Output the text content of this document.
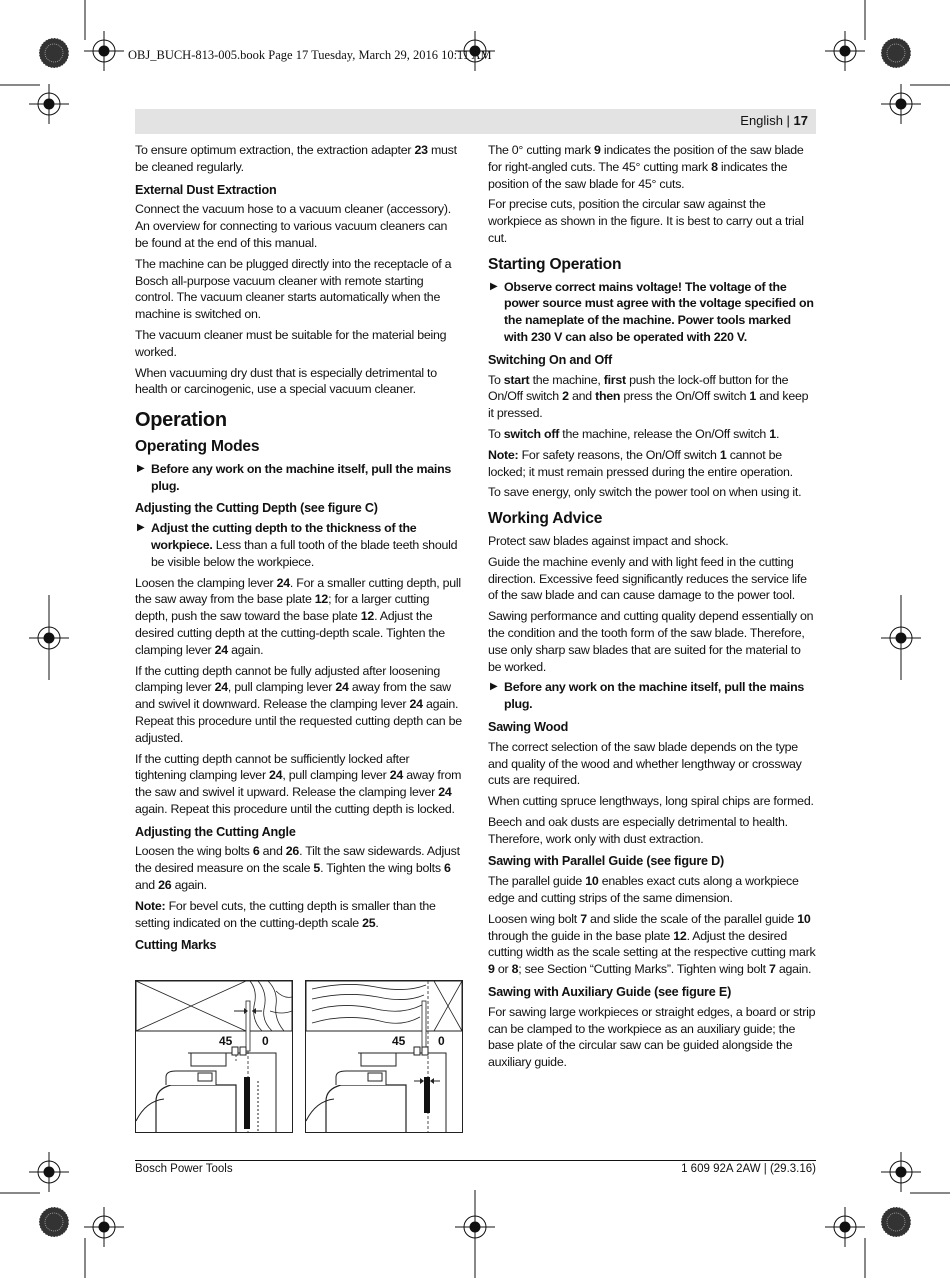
OBJ_BUCH-813-005.book Page 17 Tuesday, March 29, 2016 10:11 AM
English | 17

To ensure optimum extraction, the extraction adapter 23 must be cleaned regularly.

External Dust Extraction

Connect the vacuum hose to a vacuum cleaner (accessory). An overview for connecting to various vacuum cleaners can be found at the end of this manual.

The machine can be plugged directly into the receptacle of a Bosch all-purpose vacuum cleaner with remote starting control. The vacuum cleaner starts automatically when the machine is switched on.

The vacuum cleaner must be suitable for the material being worked.

When vacuuming dry dust that is especially detrimental to health or carcinogenic, use a special vacuum cleaner.

Operation
Operating Modes
▶ Before any work on the machine itself, pull the mains plug.
Adjusting the Cutting Depth (see figure C)
▶ Adjust the cutting depth to the thickness of the workpiece. Less than a full tooth of the blade teeth should be visible below the workpiece.

Loosen the clamping lever 24. For a smaller cutting depth, pull the saw away from the base plate 12; for a larger cutting depth, push the saw toward the base plate 12. Adjust the desired cutting depth at the cutting-depth scale. Tighten the clamping lever 24 again.

If the cutting depth cannot be fully adjusted after loosening clamping lever 24, pull clamping lever 24 away from the saw and swivel it downward. Release the clamping lever 24 again. Repeat this procedure until the requested cutting depth can be adjusted.

If the cutting depth cannot be sufficiently locked after tightening clamping lever 24, pull clamping lever 24 away from the saw and swivel it upward. Release the clamping lever 24 again. Repeat this procedure until the cutting depth is locked.

Adjusting the Cutting Angle

Loosen the wing bolts 6 and 26. Tilt the saw sidewards. Adjust the desired measure on the scale 5. Tighten the wing bolts 6 and 26 again.

Note: For bevel cuts, the cutting depth is smaller than the setting indicated on the cutting-depth scale 25.

Cutting Marks
45 0	45	0

The 0° cutting mark 9 indicates the position of the saw blade for right-angled cuts. The 45° cutting mark 8 indicates the position of the saw blade for 45° cuts.

For precise cuts, position the circular saw against the workpiece as shown in the figure. It is best to carry out a trial cut.

Starting Operation
▶ Observe correct mains voltage! The voltage of the power source must agree with the voltage specified on the nameplate of the machine. Power tools marked with 230 V can also be operated with 220 V.
Switching On and Off

To start the machine, first push the lock-off button for the On/Off switch 2 and then press the On/Off switch 1 and keep it pressed.

To switch off the machine, release the On/Off switch 1.

Note: For safety reasons, the On/Off switch 1 cannot be locked; it must remain pressed during the entire operation.

To save energy, only switch the power tool on when using it.

Working Advice

Protect saw blades against impact and shock.

Guide the machine evenly and with light feed in the cutting direction. Excessive feed significantly reduces the service life of the saw blade and can cause damage to the power tool.

Sawing performance and cutting quality depend essentially on the condition and the tooth form of the saw blade. Therefore, use only sharp saw blades that are suited for the material to be worked.

▶ Before any work on the machine itself, pull the mains plug.
Sawing Wood

The correct selection of the saw blade depends on the type and quality of the wood and whether lengthway or crossway cuts are required.

When cutting spruce lengthways, long spiral chips are formed.

Beech and oak dusts are especially detrimental to health. Therefore, work only with dust extraction.

Sawing with Parallel Guide (see figure D)

The parallel guide 10 enables exact cuts along a workpiece edge and cutting strips of the same dimension.

Loosen wing bolt 7 and slide the scale of the parallel guide 10 through the guide in the base plate 12. Adjust the desired cutting width as the scale setting at the respective cutting mark 9 or 8; see Section “Cutting Marks”. Tighten wing bolt 7 again.

Sawing with Auxiliary Guide (see figure E)

For sawing large workpieces or straight edges, a board or strip can be clamped to the workpiece as an auxiliary guide; the base plate of the circular saw can be guided alongside the auxiliary guide.

Bosch Power Tools	1 609 92A 2AW | (29.3.16)
